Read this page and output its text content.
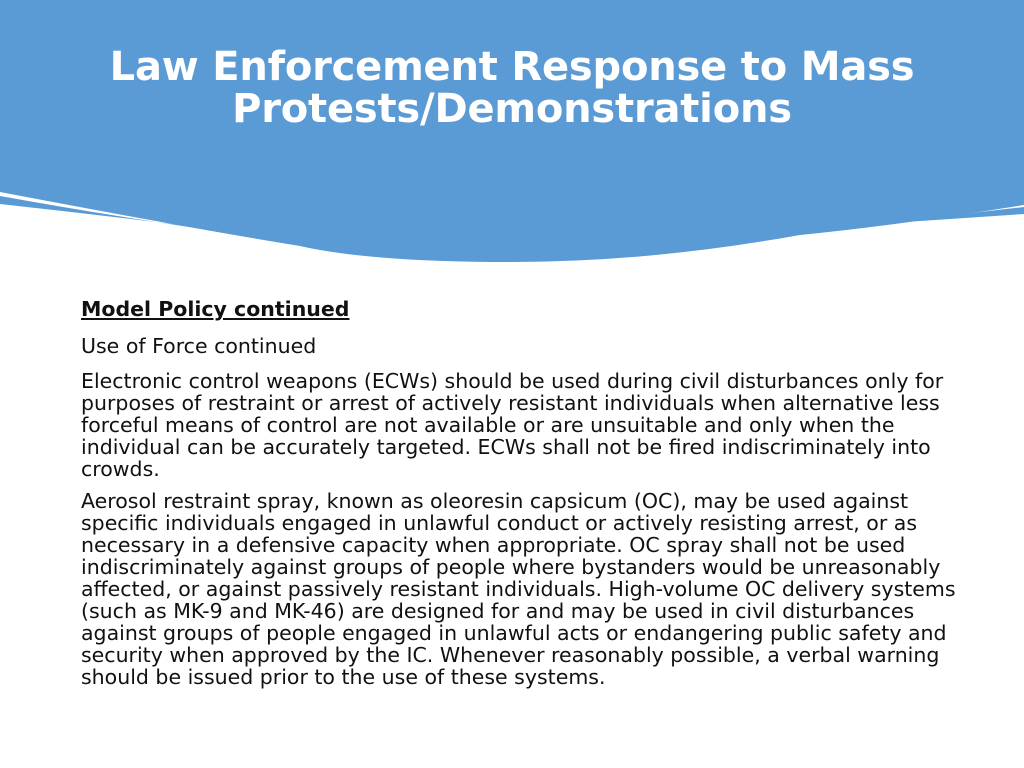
Law Enforcement Response to Mass Protests/Demonstrations

Model Policy continued

Use of Force continued

Electronic control weapons (ECWs) should be used during civil disturbances only for purposes of restraint or arrest of actively resistant individuals when alternative less forceful means of control are not available or are unsuitable and only when the individual can be accurately targeted. ECWs shall not be fired indiscriminately into crowds.

Aerosol restraint spray, known as oleoresin capsicum (OC), may be used against specific individuals engaged in unlawful conduct or actively resisting arrest, or as necessary in a defensive capacity when appropriate. OC spray shall not be used indiscriminately against groups of people where bystanders would be unreasonably affected, or against passively resistant individuals. High-volume OC delivery systems (such as MK-9 and MK-46) are designed for and may be used in civil disturbances against groups of people engaged in unlawful acts or endangering public safety and security when approved by the IC. Whenever reasonably possible, a verbal warning should be issued prior to the use of these systems.
